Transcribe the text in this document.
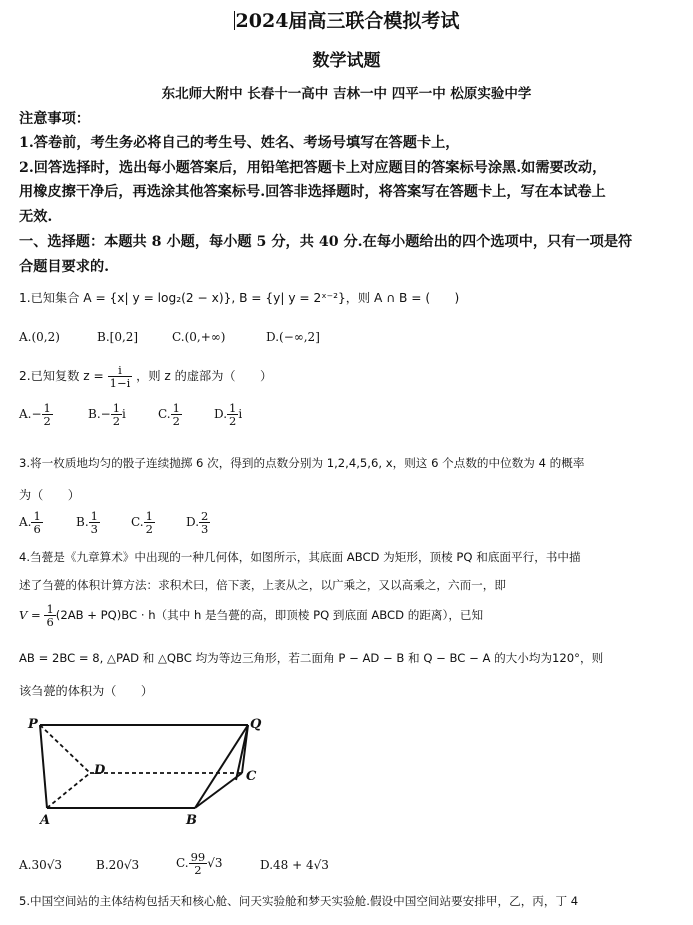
2024届高三联合模拟考试
数学试题
东北师大附中 长春十一高中 吉林一中 四平一中 松原实验中学
注意事项：
1.答卷前，考生务必将自己的考生号、姓名、考场号填写在答题卡上，
2.回答选择时，选出每小题答案后，用铅笔把答题卡上对应题目的答案标号涂黑.如需要改动，
用橡皮擦干净后，再选涂其他答案标号.回答非选择题时，将答案写在答题卡上，写在本试卷上
无效.
一、选择题：本题共 8 小题，每小题 5 分，共 40 分.在每小题给出的四个选项中，只有一项是符
合题目要求的.
1.已知集合 A = {x| y = log₂(2 − x)}, B = {y| y = 2ˣ⁻²}，则 A ∩ B = (　　)
A.(0,2)	B.[0,2]	C.(0,+∞)	D.(−∞,2]
2.已知复数 $z = \frac{i}{1-i}$ ，则 z 的虚部为（　　）
$A.- \frac{1}{2}$	$B.- \frac{1}{2}$ i	C. $\frac{1}{2}$	D. $\frac{1}{2}$ i
3.将一枚质地均匀的骰子连续抛掷 6 次，得到的点数分别为 1,2,4,5,6, x，则这 6 个点数的中位数为 4 的概率
为（　　）
A. $\frac{1}{6}$	B. $\frac{1}{3}$	C. $\frac{1}{2}$	D. $\frac{2}{3}$
4.刍甍是《九章算术》中出现的一种几何体，如图所示，其底面 ABCD 为矩形，顶棱 PQ 和底面平行，书中描
述了刍甍的体积计算方法：求积术曰，倍下袤，上袤从之，以广乘之，又以高乘之，六而一，即
$V = \frac{1}{6} (2AB + PQ)BC \cdot h$（其中 h 是刍甍的高，即顶棱 PQ 到底面 ABCD 的距离），已知
AB = 2BC = 8, △PAD 和 △QBC 均为等边三角形，若二面角 P − AD − B 和 Q − BC − A 的大小均为120°，则
该刍甍的体积为（　　）
P	Q
D	C
A	B
A.30√3	B.20√3	C. $\frac{99}{2} √3$	D.48 + 4√3
5.中国空间站的主体结构包括天和核心舱、问天实验舱和梦天实验舱.假设中国空间站要安排甲，乙，丙，丁 4
